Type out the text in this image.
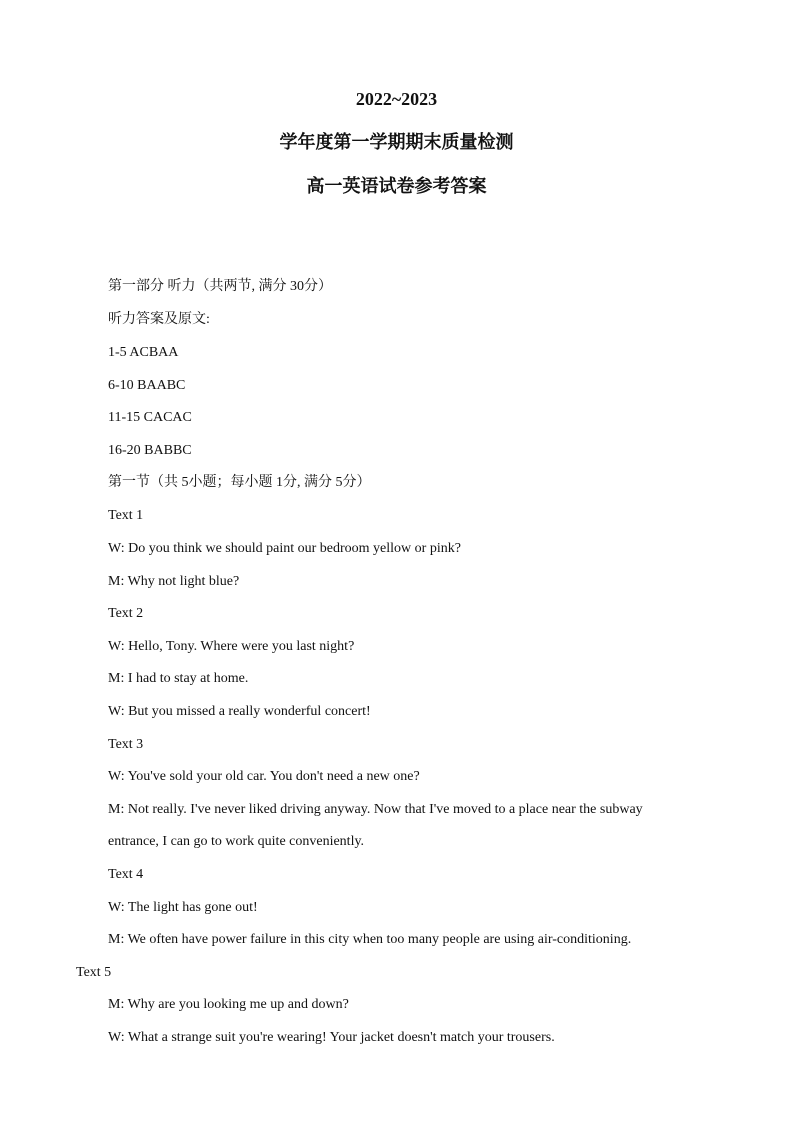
2022~2023

学年度第一学期期末质量检测

高一英语试卷参考答案

第一部分 听力（共两节, 满分 30分）

听力答案及原文:

1-5 ACBAA

6-10 BAABC

11-15 CACAC

16-20 BABBC

第一节（共 5小题；每小题 1分, 满分 5分）

Text 1

W: Do you think we should paint our bedroom yellow or pink?

M: Why not light blue?

Text 2

W: Hello, Tony. Where were you last night?

M: I had to stay at home.

W: But you missed a really wonderful concert!

Text 3

W: You've sold your old car. You don't need a new one?

M: Not really. I've never liked driving anyway. Now that I've moved to a place near the subway

entrance, I can go to work quite conveniently.

Text 4

W: The light has gone out!

M: We often have power failure in this city when too many people are using air-conditioning.

Text 5

M: Why are you looking me up and down?

W: What a strange suit you're wearing! Your jacket doesn't match your trousers.
